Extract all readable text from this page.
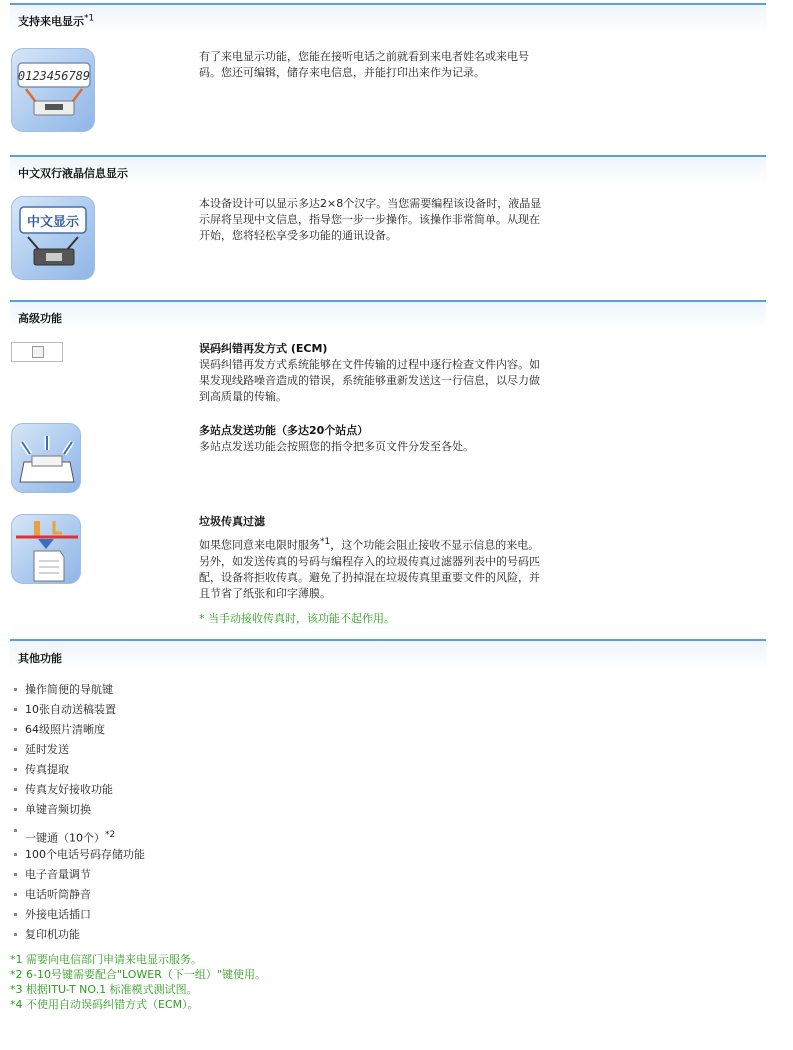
支持来电显示$^{*1}$
0123456789
有了来电显示功能，您能在接听电话之前就看到来电者姓名或来电号
码。您还可编辑，储存来电信息，并能打印出来作为记录。
中文双行液晶信息显示
中文显示
本设备设计可以显示多达2×8个汉字。当您需要编程该设备时，液晶显
示屏将呈现中文信息，指导您一步一步操作。该操作非常简单。从现在
开始，您将轻松享受多功能的通讯设备。
高级功能
误码纠错再发方式 (ECM)
误码纠错再发方式系统能够在文件传输的过程中逐行检查文件内容。如
果发现线路噪音造成的错误，系统能够重新发送这一行信息，以尽力做
到高质量的传输。
多站点发送功能（多达20个站点）
多站点发送功能会按照您的指令把多页文件分发至各处。
垃圾传真过滤
如果您同意来电限时服务$^{*1}$，这个功能会阻止接收不显示信息的来电。
另外，如发送传真的号码与编程存入的垃圾传真过滤器列表中的号码匹
配，设备将拒收传真。避免了扔掉混在垃圾传真里重要文件的风险，并
且节省了纸张和印字薄膜。
* 当手动接收传真时，该功能不起作用。
其他功能
操作简便的导航键
10张自动送稿装置
64级照片清晰度
延时发送
传真提取
传真友好接收功能
单键音频切换
一键通（10个）$^{*2}$
100个电话号码存储功能
电子音量调节
电话听筒静音
外接电话插口
复印机功能
*1 需要向电信部门申请来电显示服务。
*2 6-10号键需要配合"LOWER（下一组）"键使用。
*3 根据ITU-T NO.1 标准模式测试图。
*4 不使用自动误码纠错方式（ECM）。
